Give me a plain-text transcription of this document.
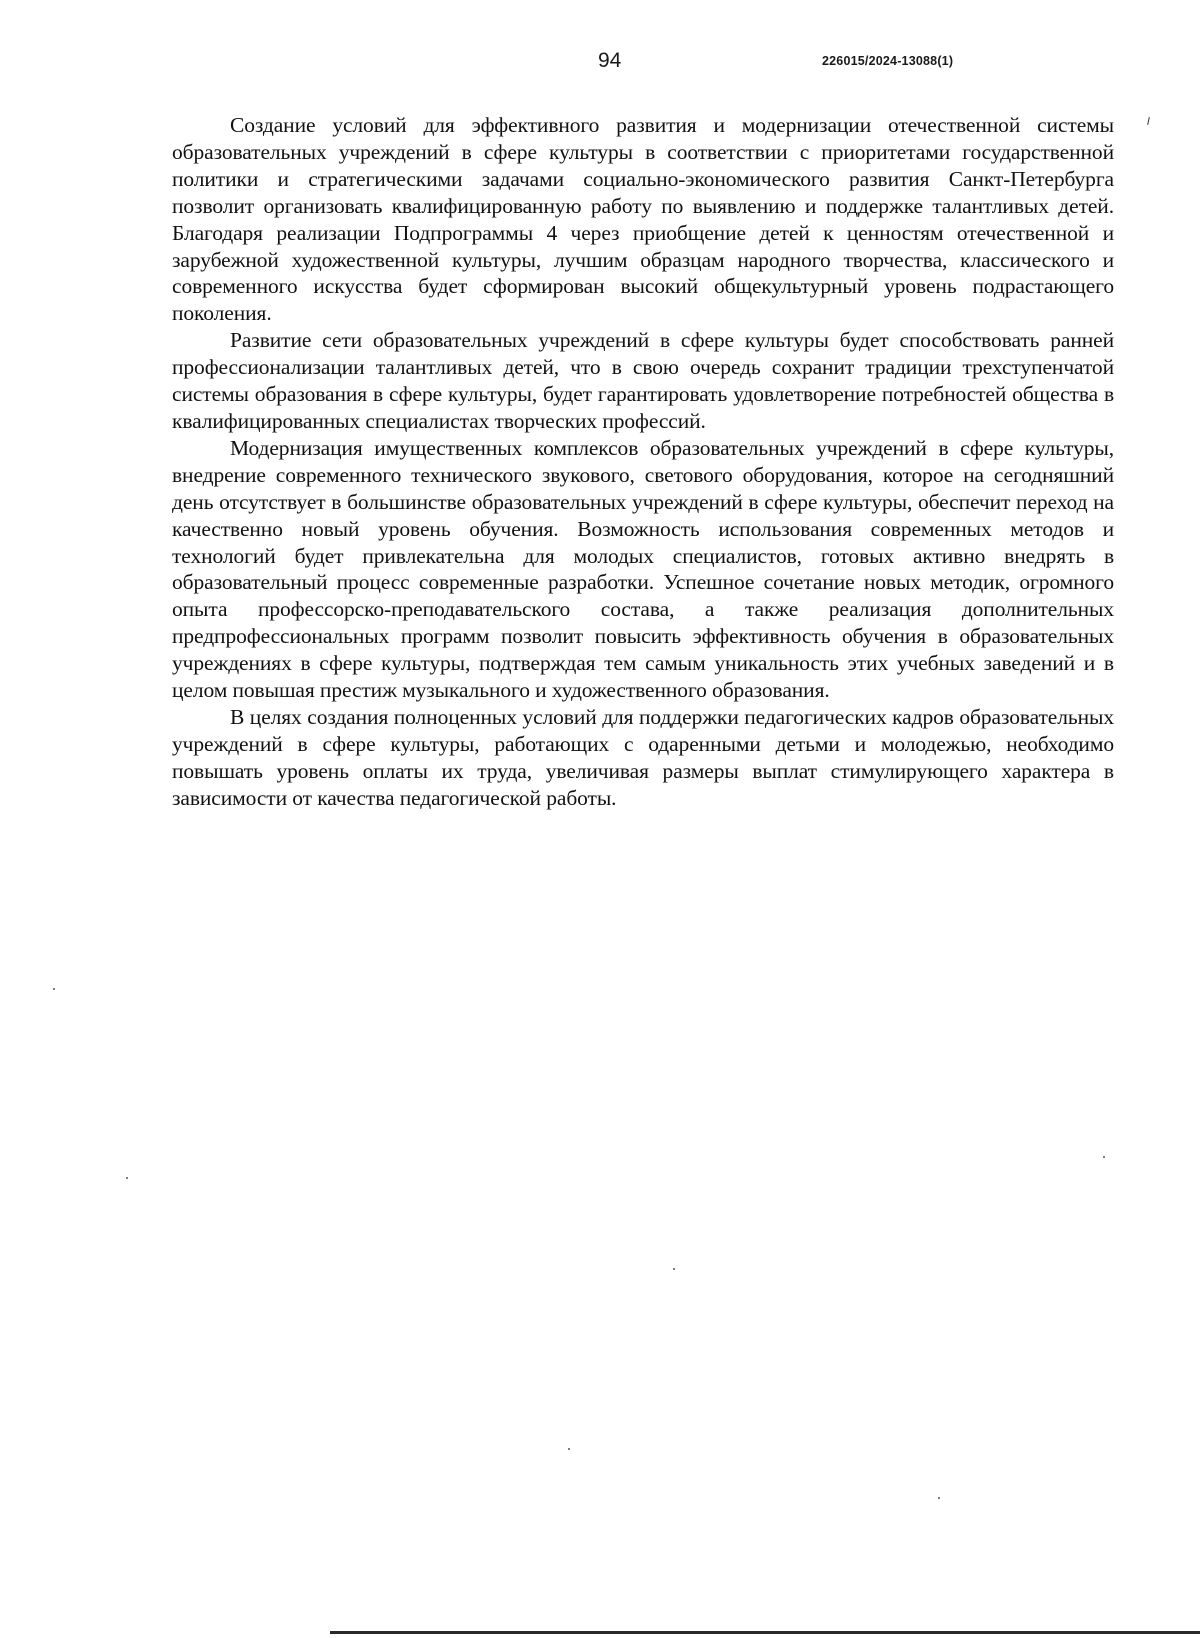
94	226015/2024-13088(1)

Создание условий для эффективного развития и модернизации отечественной системы образовательных учреждений в сфере культуры в соответствии с приоритетами государственной политики и стратегическими задачами социально-экономического развития Санкт-Петербурга позволит организовать квалифицированную работу по выявлению и поддержке талантливых детей. Благодаря реализации Подпрограммы 4 через приобщение детей к ценностям отечественной и зарубежной художественной культуры, лучшим образцам народного творчества, классического и современного искусства будет сформирован высокий общекультурный уровень подрастающего поколения.

Развитие сети образовательных учреждений в сфере культуры будет способствовать ранней профессионализации талантливых детей, что в свою очередь сохранит традиции трехступенчатой системы образования в сфере культуры, будет гарантировать удовлетворение потребностей общества в квалифицированных специалистах творческих профессий.

Модернизация имущественных комплексов образовательных учреждений в сфере культуры, внедрение современного технического звукового, светового оборудования, которое на сегодняшний день отсутствует в большинстве образовательных учреждений в сфере культуры, обеспечит переход на качественно новый уровень обучения. Возможность использования современных методов и технологий будет привлекательна для молодых специалистов, готовых активно внедрять в образовательный процесс современные разработки. Успешное сочетание новых методик, огромного опыта профессорско-преподавательского состава, а также реализация дополнительных предпрофессиональных программ позволит повысить эффективность обучения в образовательных учреждениях в сфере культуры, подтверждая тем самым уникальность этих учебных заведений и в целом повышая престиж музыкального и художественного образования.

В целях создания полноценных условий для поддержки педагогических кадров образовательных учреждений в сфере культуры, работающих с одаренными детьми и молодежью, необходимо повышать уровень оплаты их труда, увеличивая размеры выплат стимулирующего характера в зависимости от качества педагогической работы.
